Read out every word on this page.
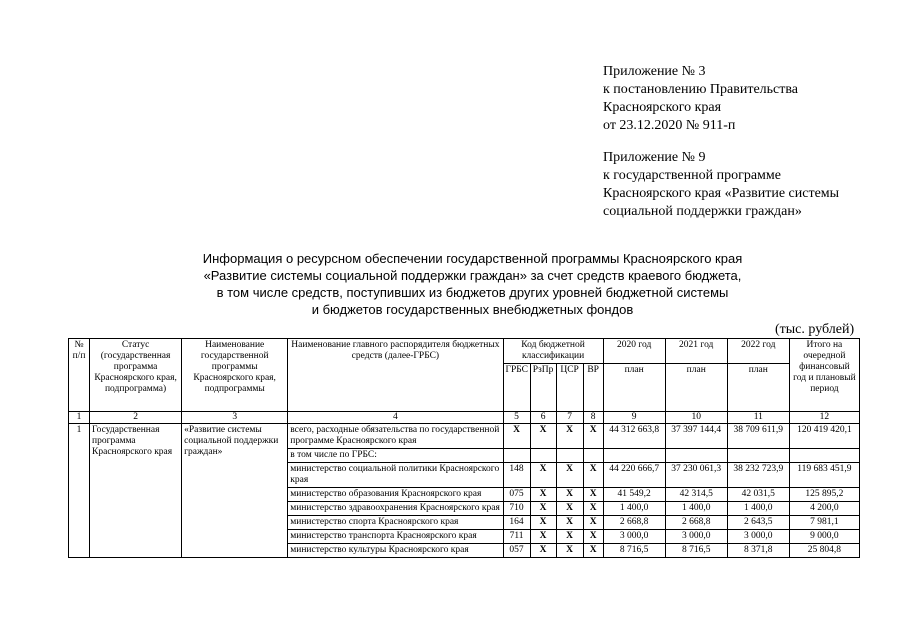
Приложение № 3
к постановлению Правительства
Красноярского края
от 23.12.2020 № 911-п
Приложение № 9
к государственной программе
Красноярского края «Развитие системы
социальной поддержки граждан»
Информация о ресурсном обеспечении государственной программы Красноярского края
«Развитие системы социальной поддержки граждан» за счет средств краевого бюджета,
в том числе средств, поступивших из бюджетов других уровней бюджетной системы
и бюджетов государственных внебюджетных фондов
(тыс. рублей)
№ п/п	Статус (государственная программа Красноярского края, подпрограмма)	Наименование государственной программы Красноярского края, подпрограммы	Наименование главного распорядителя бюджетных средств (далее-ГРБС)	Код бюджетной классификации				2020 год	2021 год	2022 год	Итого на очередной финансовый год и плановый период
				ГРБС	РзПр	ЦСР	ВР	план	план	план	
1	2	3	4	5	6	7	8	9	10	11	12
1	Государственная программа Красноярского края	«Развитие системы социальной поддержки граждан»	всего, расходные обязательства по государственной программе Красноярского края	X	X	X	X	44 312 663,8	37 397 144,4	38 709 611,9	120 419 420,1
			в том числе по ГРБС:								
			министерство социальной политики Красноярского края	148	X	X	X	44 220 666,7	37 230 061,3	38 232 723,9	119 683 451,9
			министерство образования Красноярского края	075	X	X	X	41 549,2	42 314,5	42 031,5	125 895,2
			министерство здравоохранения Красноярского края	710	X	X	X	1 400,0	1 400,0	1 400,0	4 200,0
			министерство спорта Красноярского края	164	X	X	X	2 668,8	2 668,8	2 643,5	7 981,1
			министерство транспорта Красноярского края	711	X	X	X	3 000,0	3 000,0	3 000,0	9 000,0
			министерство культуры Красноярского края	057	X	X	X	8 716,5	8 716,5	8 371,8	25 804,8
